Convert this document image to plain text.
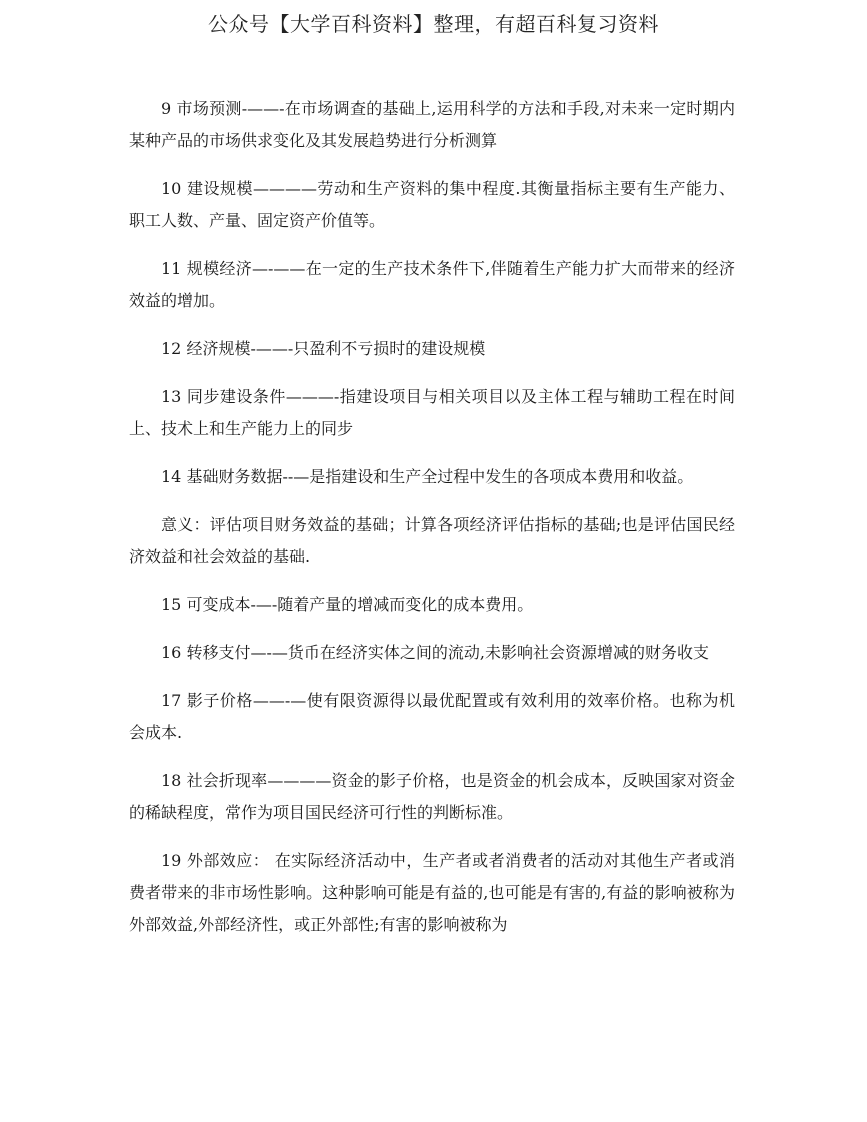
公众号【大学百科资料】整理，有超百科复习资料

9 市场预测-——-在市场调查的基础上,运用科学的方法和手段,对未来一定时期内某种产品的市场供求变化及其发展趋势进行分析测算

10 建设规模————劳动和生产资料的集中程度.其衡量指标主要有生产能力、职工人数、产量、固定资产价值等。

11 规模经济—-——在一定的生产技术条件下,伴随着生产能力扩大而带来的经济效益的增加。

12 经济规模-——-只盈利不亏损时的建设规模

13 同步建设条件———-指建设项目与相关项目以及主体工程与辅助工程在时间上、技术上和生产能力上的同步

14 基础财务数据--—是指建设和生产全过程中发生的各项成本费用和收益。

意义：评估项目财务效益的基础；计算各项经济评估指标的基础;也是评估国民经济效益和社会效益的基础.

15 可变成本-—-随着产量的增减而变化的成本费用。

16 转移支付—-—货币在经济实体之间的流动,未影响社会资源增减的财务收支

17 影子价格——-—使有限资源得以最优配置或有效利用的效率价格。也称为机会成本.

18 社会折现率————资金的影子价格，也是资金的机会成本，反映国家对资金的稀缺程度，常作为项目国民经济可行性的判断标准。

19 外部效应： 在实际经济活动中，生产者或者消费者的活动对其他生产者或消费者带来的非市场性影响。这种影响可能是有益的,也可能是有害的,有益的影响被称为外部效益,外部经济性，或正外部性;有害的影响被称为
